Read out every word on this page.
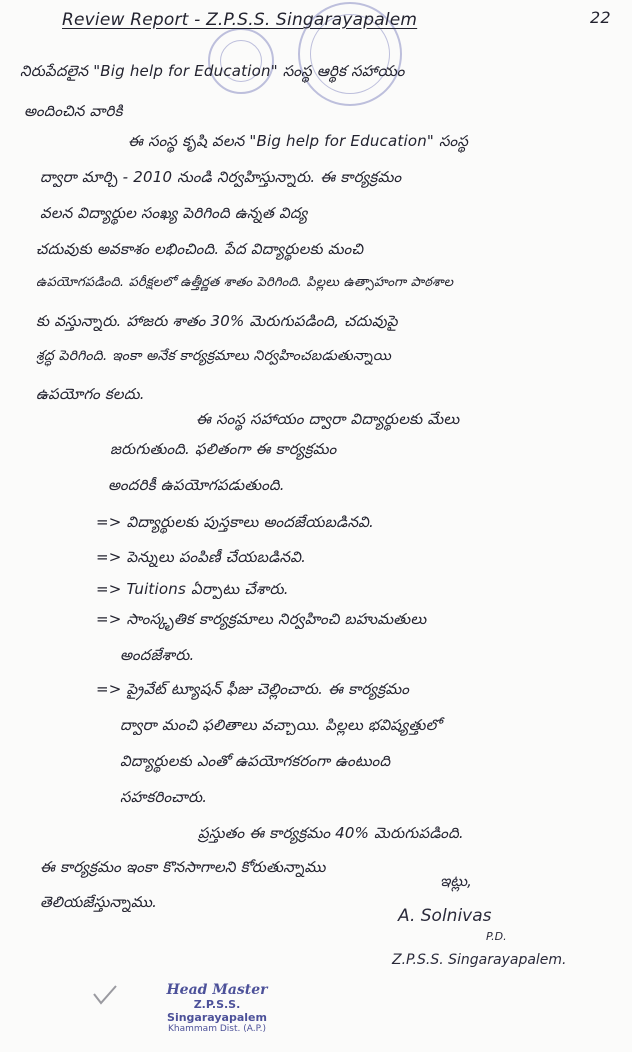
Review Report - Z.P.S.S. Singarayapalem	22
నిరుపేదలైన "Big help for Education" సంస్థ ఆర్థిక సహాయం
అందించిన వారికి
ఈ సంస్థ కృషి వలన "Big help for Education" సంస్థ
ద్వారా మార్చి - 2010 నుండి నిర్వహిస్తున్నారు. ఈ కార్యక్రమం
వలన విద్యార్థుల సంఖ్య పెరిగింది ఉన్నత విద్య
చదువుకు అవకాశం లభించింది. పేద విద్యార్థులకు మంచి
ఉపయోగపడింది. పరీక్షలలో ఉత్తీర్ణత శాతం పెరిగింది. పిల్లలు ఉత్సాహంగా పాఠశాల
కు వస్తున్నారు. హాజరు శాతం 30% మెరుగుపడింది, చదువుపై
శ్రద్ధ పెరిగింది. ఇంకా అనేక కార్యక్రమాలు నిర్వహించబడుతున్నాయి
ఉపయోగం కలదు.
ఈ సంస్థ సహాయం ద్వారా విద్యార్థులకు మేలు
జరుగుతుంది. ఫలితంగా ఈ కార్యక్రమం
అందరికీ ఉపయోగపడుతుంది.
=> విద్యార్థులకు పుస్తకాలు అందజేయబడినవి.
=> పెన్నులు పంపిణీ చేయబడినవి.
=> Tuitions ఏర్పాటు చేశారు.
=> సాంస్కృతిక కార్యక్రమాలు నిర్వహించి బహుమతులు
అందజేశారు.
=> ప్రైవేట్ ట్యూషన్ ఫీజు చెల్లించారు. ఈ కార్యక్రమం
ద్వారా మంచి ఫలితాలు వచ్చాయి. పిల్లలు భవిష్యత్తులో
విద్యార్థులకు ఎంతో ఉపయోగకరంగా ఉంటుంది
సహకరించారు.
ప్రస్తుతం ఈ కార్యక్రమం 40% మెరుగుపడింది.
ఈ కార్యక్రమం ఇంకా కొనసాగాలని కోరుతున్నాము
తెలియజేస్తున్నాము.
ఇట్లు,
A. Solnivas
P.D.
Z.P.S.S. Singarayapalem.
Head Master
Z.P.S.S. Singarayapalem
Khammam Dist. (A.P.)
